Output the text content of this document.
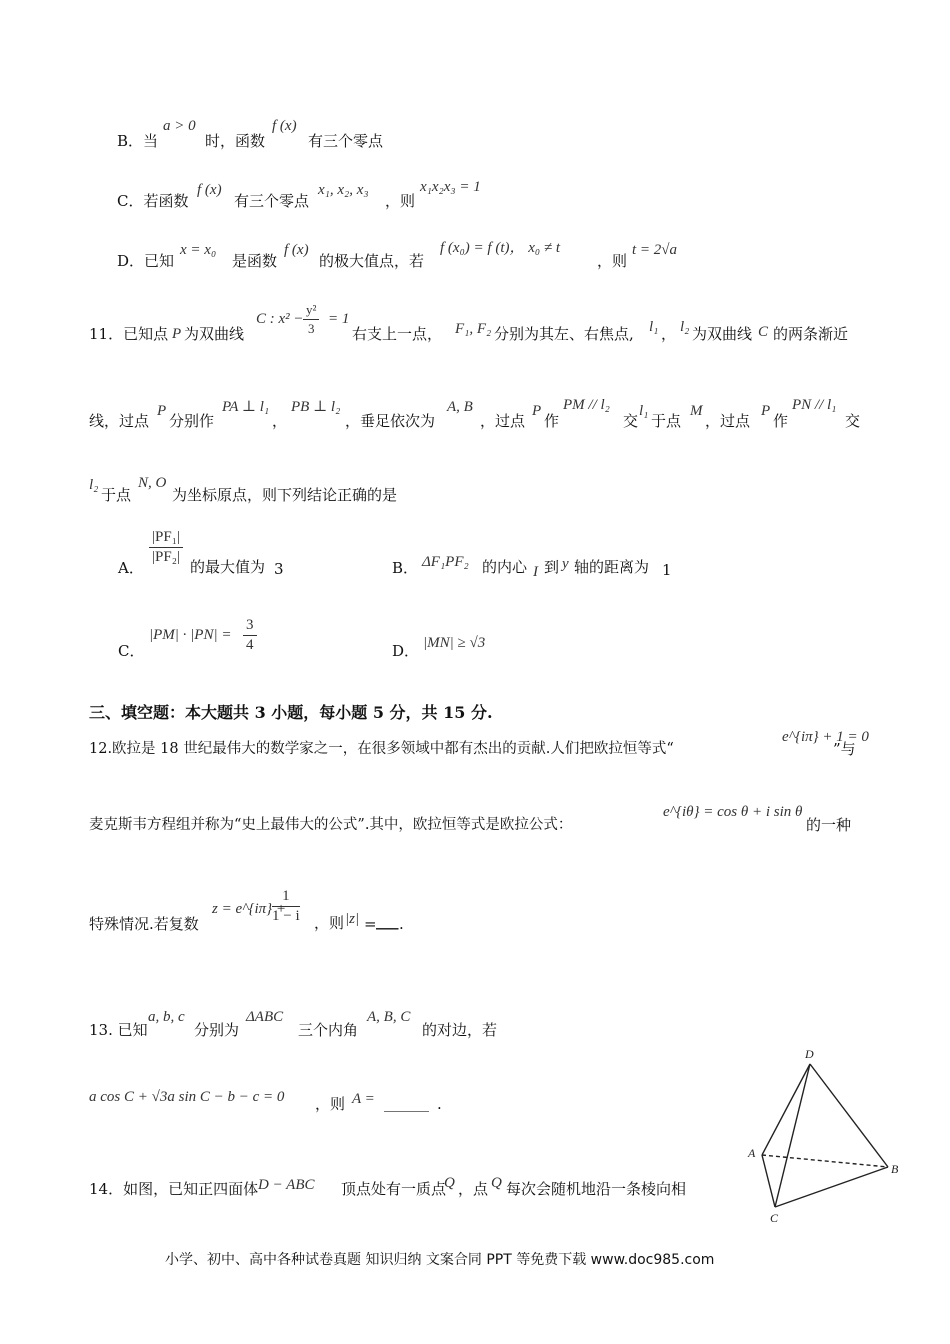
B．当
a > 0
时，函数
f (x)
有三个零点
C．若函数
f (x)
有三个零点
x₁, x₂, x₃
，则
x₁x₂x₃ = 1
D．已知
x = x₀
是函数
f (x)
的极大值点，若
f (x₀) = f (t)， x₀ ≠ t
，则
t = 2√a
11．已知点 P 为双曲线
C : $x^2 - \frac{\text{y²}}{3} = 1$
右支上一点， F₁, F₂ 分别为其左、右焦点, l₁ ， l₂ 为双曲线 C 的两条渐近
线，过点
P
分别作
PA ⊥ l₁
，
PB ⊥ l₂
，垂足依次为
A, B
，过点
P
作
PM // l₂
交
l₁
于点
M
，过点
P
作
PN // l₁
交
l₂
于点
N, O
为坐标原点，则下列结论正确的是
A．
$\frac{\text{|PF₁|}}{\text{|PF₂|}}$
的最大值为 3	B． ΔF₁PF₂ 的内心 I 到 y 轴的距离为 1
C．
$|PM| \cdot |PN| = \frac{3}{4}$	D． |MN| ≥ √3
三、填空题：本大题共 3 小题，每小题 5 分，共 15 分.
12.欧拉是 18 世纪最伟大的数学家之一，在很多领域中都有杰出的贡献.人们把欧拉恒等式“
e^{iπ} + 1 = 0
”与
麦克斯韦方程组并称为“史上最伟大的公式”.其中，欧拉恒等式是欧拉公式：
e^{iθ} = cos θ + i sin θ
的一种
特殊情况.若复数
z = e^{iπ} +
$\frac{1}{1 - i}$ ，则 |z| = ___ .
13. 已知
a, b, c
分别为
ΔABC
三个内角
A, B, C
的对边，若
a cos C + √3a sin C − b − c = 0 ，则 A = ______ .
14．如图，已知正四面体 D − ABC 顶点处有一质点
Q ，点 Q 每次会随机地沿一条棱向相
D
A
B
C
小学、初中、高中各种试卷真题 知识归纳 文案合同 PPT 等免费下载 www.doc985.com
